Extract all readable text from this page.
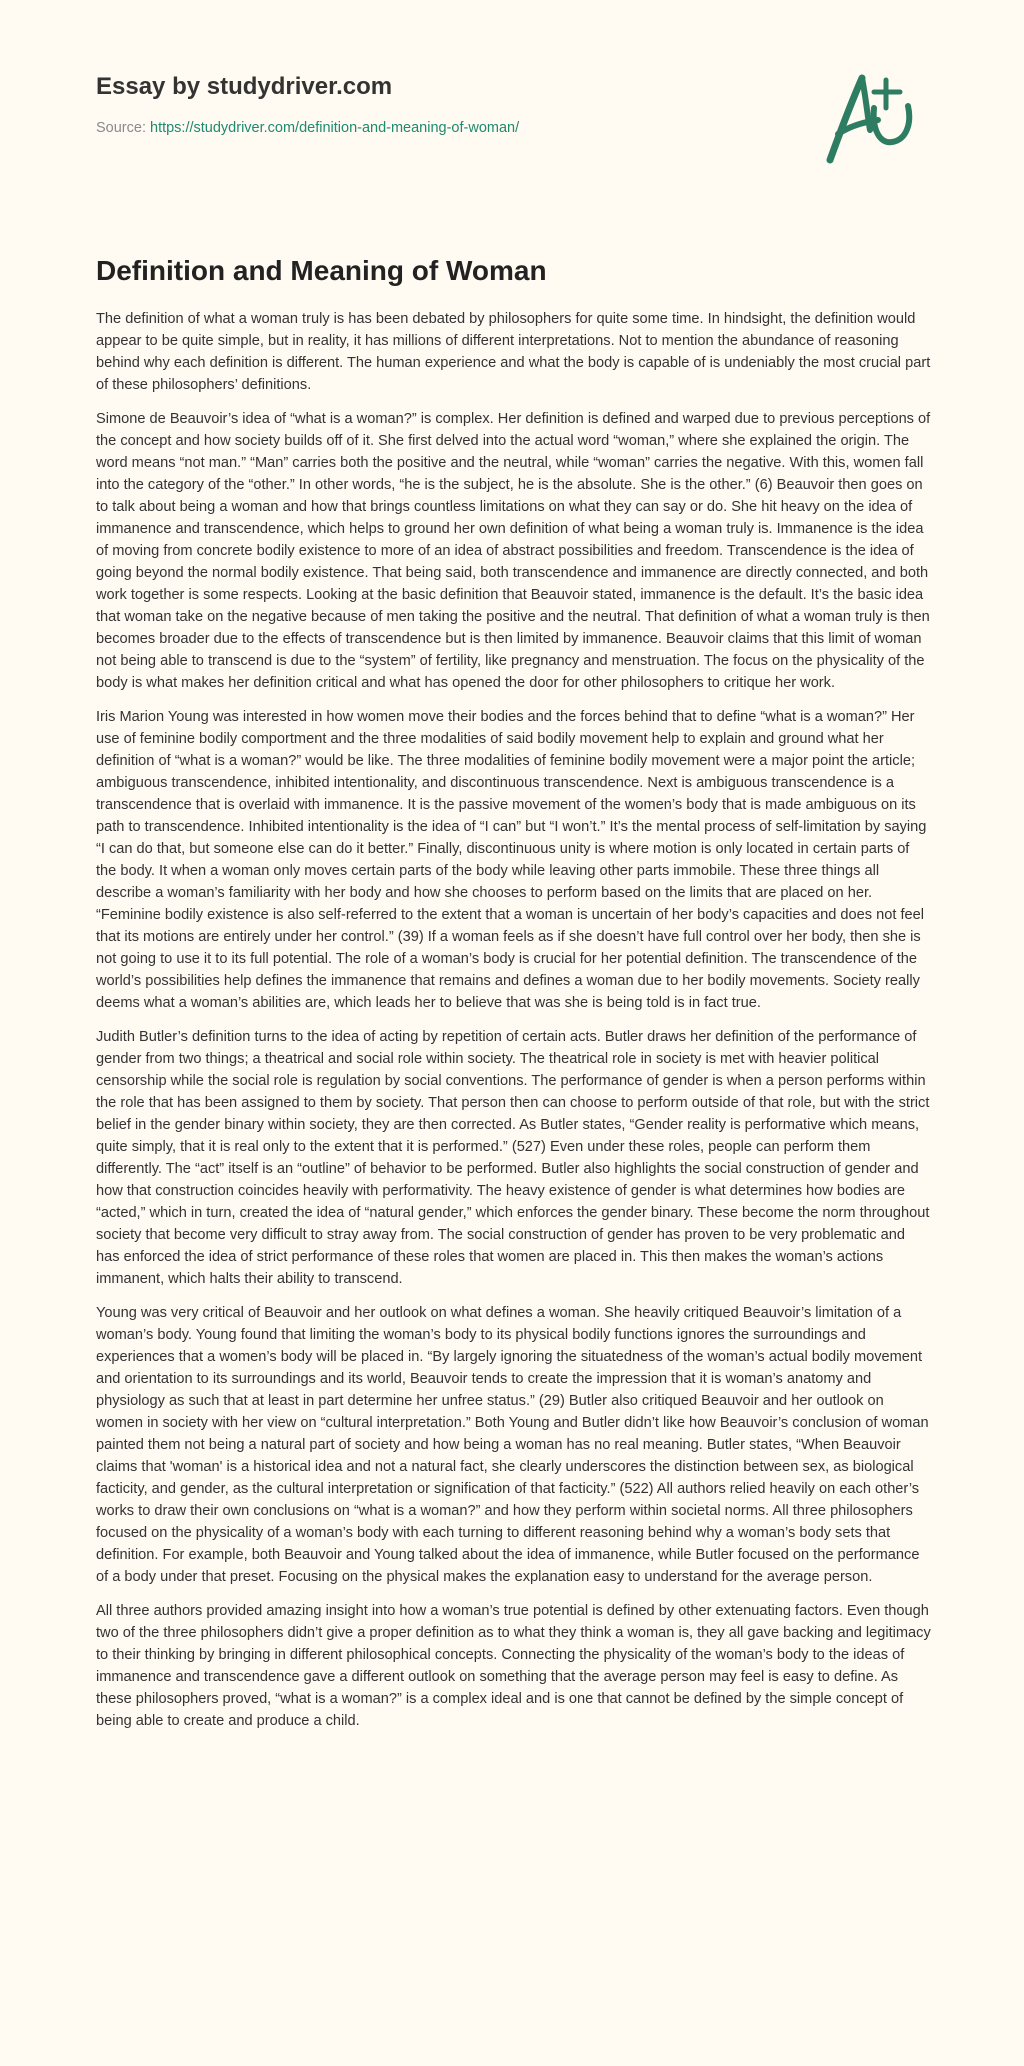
Essay by studydriver.com
Source: https://studydriver.com/definition-and-meaning-of-woman/
Definition and Meaning of Woman

The definition of what a woman truly is has been debated by philosophers for quite some time. In hindsight, the definition would appear to be quite simple, but in reality, it has millions of different interpretations. Not to mention the abundance of reasoning behind why each definition is different. The human experience and what the body is capable of is undeniably the most crucial part of these philosophers’ definitions.

Simone de Beauvoir’s idea of “what is a woman?” is complex. Her definition is defined and warped due to previous perceptions of the concept and how society builds off of it. She first delved into the actual word “woman,” where she explained the origin. The word means “not man.” “Man” carries both the positive and the neutral, while “woman” carries the negative. With this, women fall into the category of the “other.” In other words, “he is the subject, he is the absolute. She is the other.” (6) Beauvoir then goes on to talk about being a woman and how that brings countless limitations on what they can say or do. She hit heavy on the idea of immanence and transcendence, which helps to ground her own definition of what being a woman truly is. Immanence is the idea of moving from concrete bodily existence to more of an idea of abstract possibilities and freedom. Transcendence is the idea of going beyond the normal bodily existence. That being said, both transcendence and immanence are directly connected, and both work together is some respects. Looking at the basic definition that Beauvoir stated, immanence is the default. It’s the basic idea that woman take on the negative because of men taking the positive and the neutral. That definition of what a woman truly is then becomes broader due to the effects of transcendence but is then limited by immanence. Beauvoir claims that this limit of woman not being able to transcend is due to the “system” of fertility, like pregnancy and menstruation. The focus on the physicality of the body is what makes her definition critical and what has opened the door for other philosophers to critique her work.

Iris Marion Young was interested in how women move their bodies and the forces behind that to define “what is a woman?” Her use of feminine bodily comportment and the three modalities of said bodily movement help to explain and ground what her definition of “what is a woman?” would be like. The three modalities of feminine bodily movement were a major point the article; ambiguous transcendence, inhibited intentionality, and discontinuous transcendence. Next is ambiguous transcendence is a transcendence that is overlaid with immanence. It is the passive movement of the women’s body that is made ambiguous on its path to transcendence. Inhibited intentionality is the idea of “I can” but “I won’t.” It’s the mental process of self-limitation by saying “I can do that, but someone else can do it better.” Finally, discontinuous unity is where motion is only located in certain parts of the body. It when a woman only moves certain parts of the body while leaving other parts immobile. These three things all describe a woman’s familiarity with her body and how she chooses to perform based on the limits that are placed on her. “Feminine bodily existence is also self-referred to the extent that a woman is uncertain of her body’s capacities and does not feel that its motions are entirely under her control.” (39) If a woman feels as if she doesn’t have full control over her body, then she is not going to use it to its full potential. The role of a woman’s body is crucial for her potential definition. The transcendence of the world’s possibilities help defines the immanence that remains and defines a woman due to her bodily movements. Society really deems what a woman’s abilities are, which leads her to believe that was she is being told is in fact true.

Judith Butler’s definition turns to the idea of acting by repetition of certain acts. Butler draws her definition of the performance of gender from two things; a theatrical and social role within society. The theatrical role in society is met with heavier political censorship while the social role is regulation by social conventions. The performance of gender is when a person performs within the role that has been assigned to them by society. That person then can choose to perform outside of that role, but with the strict belief in the gender binary within society, they are then corrected. As Butler states, “Gender reality is performative which means, quite simply, that it is real only to the extent that it is performed.” (527) Even under these roles, people can perform them differently. The “act” itself is an “outline” of behavior to be performed. Butler also highlights the social construction of gender and how that construction coincides heavily with performativity. The heavy existence of gender is what determines how bodies are “acted,” which in turn, created the idea of “natural gender,” which enforces the gender binary. These become the norm throughout society that become very difficult to stray away from. The social construction of gender has proven to be very problematic and has enforced the idea of strict performance of these roles that women are placed in. This then makes the woman’s actions immanent, which halts their ability to transcend.

Young was very critical of Beauvoir and her outlook on what defines a woman. She heavily critiqued Beauvoir’s limitation of a woman’s body. Young found that limiting the woman’s body to its physical bodily functions ignores the surroundings and experiences that a women’s body will be placed in. “By largely ignoring the situatedness of the woman’s actual bodily movement and orientation to its surroundings and its world, Beauvoir tends to create the impression that it is woman’s anatomy and physiology as such that at least in part determine her unfree status.” (29) Butler also critiqued Beauvoir and her outlook on women in society with her view on “cultural interpretation.” Both Young and Butler didn’t like how Beauvoir’s conclusion of woman painted them not being a natural part of society and how being a woman has no real meaning. Butler states, “When Beauvoir claims that 'woman' is a historical idea and not a natural fact, she clearly underscores the distinction between sex, as biological facticity, and gender, as the cultural interpretation or signification of that facticity.” (522) All authors relied heavily on each other’s works to draw their own conclusions on “what is a woman?” and how they perform within societal norms. All three philosophers focused on the physicality of a woman’s body with each turning to different reasoning behind why a woman’s body sets that definition. For example, both Beauvoir and Young talked about the idea of immanence, while Butler focused on the performance of a body under that preset. Focusing on the physical makes the explanation easy to understand for the average person.

All three authors provided amazing insight into how a woman’s true potential is defined by other extenuating factors. Even though two of the three philosophers didn’t give a proper definition as to what they think a woman is, they all gave backing and legitimacy to their thinking by bringing in different philosophical concepts. Connecting the physicality of the woman’s body to the ideas of immanence and transcendence gave a different outlook on something that the average person may feel is easy to define. As these philosophers proved, “what is a woman?” is a complex ideal and is one that cannot be defined by the simple concept of being able to create and produce a child.
